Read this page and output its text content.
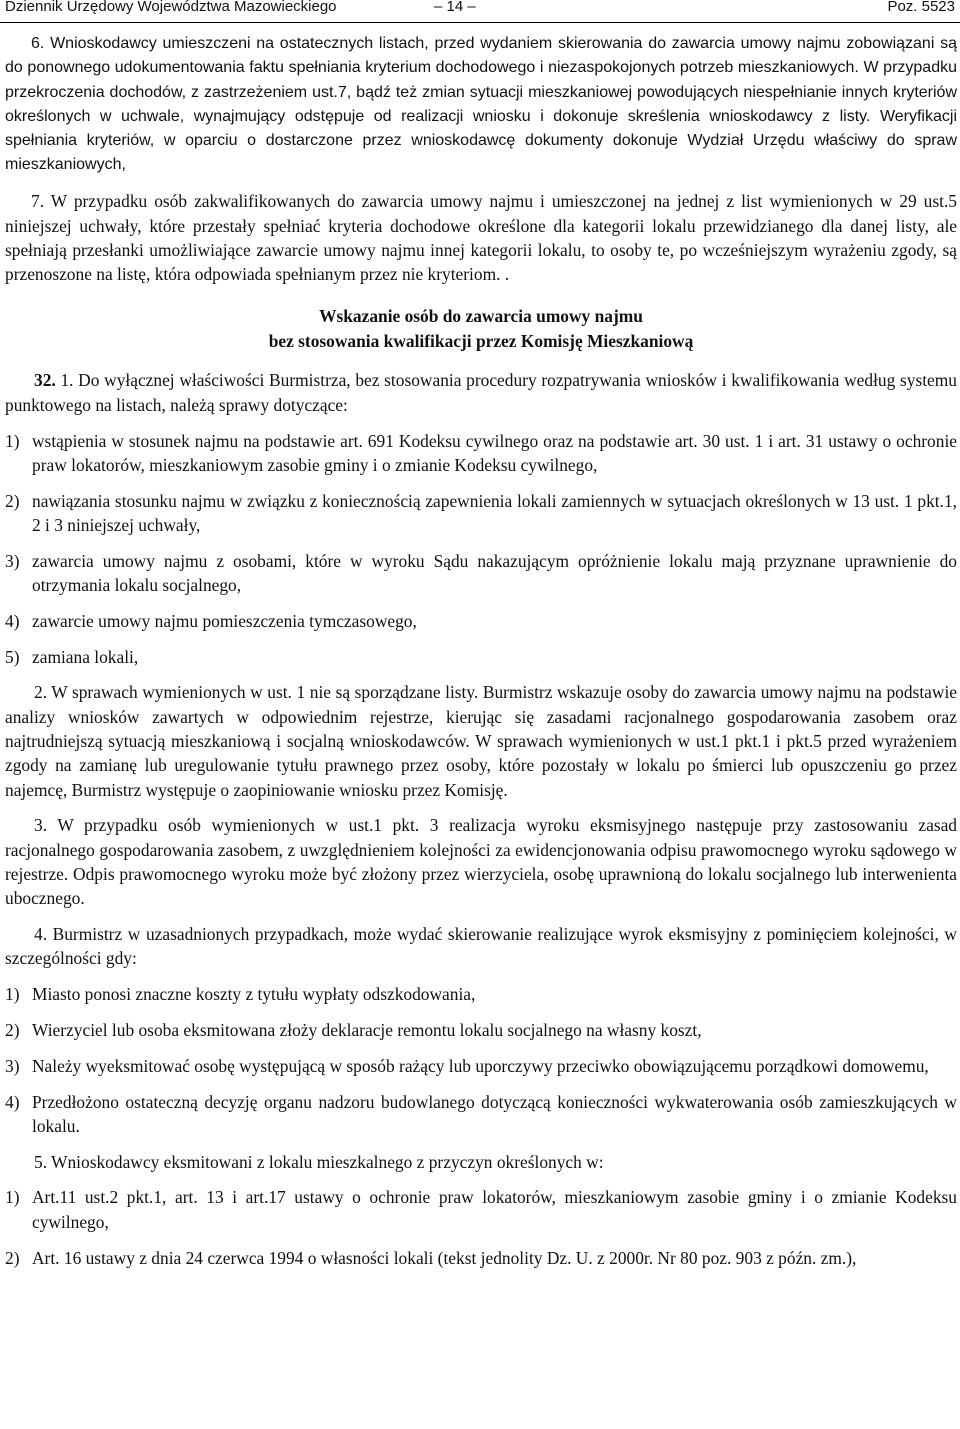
Dziennik Urzędowy Województwa Mazowieckiego	– 14 –	Poz. 5523

6. Wnioskodawcy umieszczeni na ostatecznych listach, przed wydaniem skierowania do zawarcia umowy najmu zobowiązani są do ponownego udokumentowania faktu spełniania kryterium dochodowego i niezaspokojonych potrzeb mieszkaniowych. W przypadku przekroczenia dochodów, z zastrzeżeniem ust.7, bądź też zmian sytuacji mieszkaniowej powodujących niespełnianie innych kryteriów określonych w uchwale, wynajmujący odstępuje od realizacji wniosku i dokonuje skreślenia wnioskodawcy z listy. Weryfikacji spełniania kryteriów, w oparciu o dostarczone przez wnioskodawcę dokumenty dokonuje Wydział Urzędu właściwy do spraw mieszkaniowych,

7. W przypadku osób zakwalifikowanych do zawarcia umowy najmu i umieszczonej na jednej z list wymienionych w 29 ust.5 niniejszej uchwały, które przestały spełniać kryteria dochodowe określone dla kategorii lokalu przewidzianego dla danej listy, ale spełniają przesłanki umożliwiające zawarcie umowy najmu innej kategorii lokalu, to osoby te, po wcześniejszym wyrażeniu zgody, są przenoszone na listę, która odpowiada spełnianym przez nie kryteriom. .

Wskazanie osób do zawarcia umowy najmu
bez stosowania kwalifikacji przez Komisję Mieszkaniową

32. 1. Do wyłącznej właściwości Burmistrza, bez stosowania procedury rozpatrywania wniosków i kwalifikowania według systemu punktowego na listach, należą sprawy dotyczące:

1) wstąpienia w stosunek najmu na podstawie art. 691 Kodeksu cywilnego oraz na podstawie art. 30 ust. 1 i art. 31 ustawy o ochronie praw lokatorów, mieszkaniowym zasobie gminy i o zmianie Kodeksu cywilnego,
2) nawiązania stosunku najmu w związku z koniecznością zapewnienia lokali zamiennych w sytuacjach określonych w 13 ust. 1 pkt.1, 2 i 3 niniejszej uchwały,
3) zawarcia umowy najmu z osobami, które w wyroku Sądu nakazującym opróżnienie lokalu mają przyznane uprawnienie do otrzymania lokalu socjalnego,
4) zawarcie umowy najmu pomieszczenia tymczasowego,
5) zamiana lokali,

2. W sprawach wymienionych w ust. 1 nie są sporządzane listy. Burmistrz wskazuje osoby do zawarcia umowy najmu na podstawie analizy wniosków zawartych w odpowiednim rejestrze, kierując się zasadami racjonalnego gospodarowania zasobem oraz najtrudniejszą sytuacją mieszkaniową i socjalną wnioskodawców. W sprawach wymienionych w ust.1 pkt.1 i pkt.5 przed wyrażeniem zgody na zamianę lub uregulowanie tytułu prawnego przez osoby, które pozostały w lokalu po śmierci lub opuszczeniu go przez najemcę, Burmistrz występuje o zaopiniowanie wniosku przez Komisję.

3. W przypadku osób wymienionych w ust.1 pkt. 3 realizacja wyroku eksmisyjnego następuje przy zastosowaniu zasad racjonalnego gospodarowania zasobem, z uwzględnieniem kolejności za ewidencjonowania odpisu prawomocnego wyroku sądowego w rejestrze. Odpis prawomocnego wyroku może być złożony przez wierzyciela, osobę uprawnioną do lokalu socjalnego lub interwenienta ubocznego.

4. Burmistrz w uzasadnionych przypadkach, może wydać skierowanie realizujące wyrok eksmisyjny z pominięciem kolejności, w szczególności gdy:

1) Miasto ponosi znaczne koszty z tytułu wypłaty odszkodowania,
2) Wierzyciel lub osoba eksmitowana złoży deklaracje remontu lokalu socjalnego na własny koszt,
3) Należy wyeksmitować osobę występującą w sposób rażący lub uporczywy przeciwko obowiązującemu porządkowi domowemu,
4) Przedłożono ostateczną decyzję organu nadzoru budowlanego dotyczącą konieczności wykwaterowania osób zamieszkujących w lokalu.

5. Wnioskodawcy eksmitowani z lokalu mieszkalnego z przyczyn określonych w:

1) Art.11 ust.2 pkt.1, art. 13 i art.17 ustawy o ochronie praw lokatorów, mieszkaniowym zasobie gminy i o zmianie Kodeksu cywilnego,
2) Art. 16 ustawy z dnia 24 czerwca 1994 o własności lokali (tekst jednolity Dz. U. z 2000r. Nr 80 poz. 903 z późn. zm.),
